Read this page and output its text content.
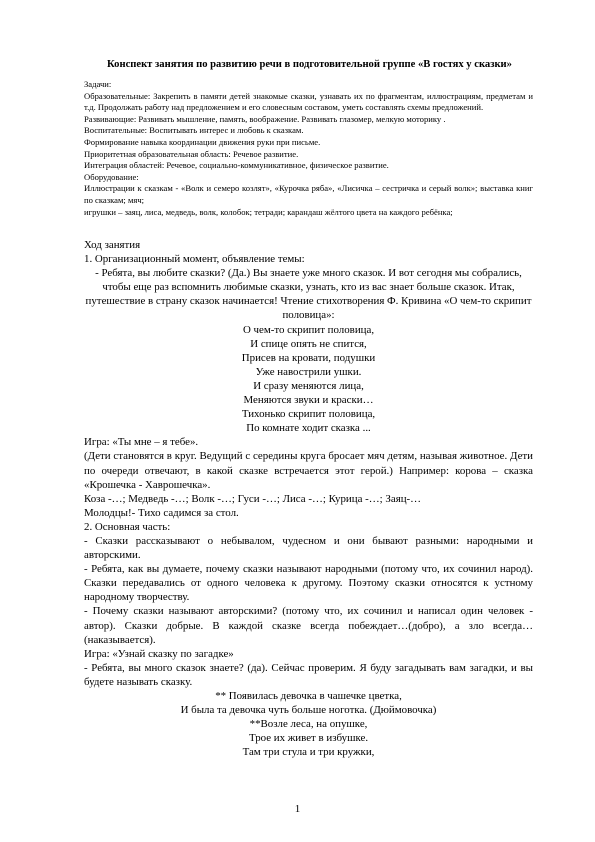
Конспект занятия по развитию речи в подготовительной группе «В гостях у сказки»

Задачи:

Образовательные: Закрепить в памяти детей знакомые сказки, узнавать их по фрагментам, иллюстрациям, предметам и т.д. Продолжать работу над предложением и его словесным составом, уметь составлять схемы предложений.

Развивающие: Развивать мышление, память, воображение. Развивать глазомер, мелкую моторику .

Воспитательные: Воспитывать интерес и любовь к сказкам.

Формирование навыка координации движения руки при письме.

Приоритетная образовательная область: Речевое развитие.

Интеграция областей: Речевое, социально-коммуникативное, физическое развитие.

Оборудование:

Иллюстрации к сказкам - «Волк и семеро козлят», «Курочка ряба», «Лисичка – сестричка и серый волк»; выставка книг по сказкам; мяч;

игрушки – заяц, лиса, медведь, волк, колобок; тетради; карандаш жёлтого цвета на каждого ребёнка;

Ход занятия

1. Организационный момент, объявление темы:

- Ребята, вы любите сказки? (Да.) Вы знаете уже много сказок. И вот сегодня мы собрались, чтобы еще раз вспомнить любимые сказки, узнать, кто из вас знает больше сказок. Итак, путешествие в страну сказок начинается! Чтение стихотворения Ф. Кривина «О чем-то скрипит половица»:

О чем-то скрипит половица,

И спице опять не спится,

Присев на кровати, подушки

Уже навострили ушки.

И сразу меняются лица,

Меняются звуки и краски…

Тихонько скрипит половица,

По комнате ходит сказка ...

Игра: «Ты мне – я тебе».

(Дети становятся в круг. Ведущий с середины круга бросает мяч детям, называя животное. Дети по очереди отвечают, в какой сказке встречается этот герой.) Например: корова – сказка «Крошечка - Хаврошечка».

Коза -…; Медведь -…; Волк -…; Гуси -…; Лиса -…; Курица -…; Заяц-…

Молодцы!- Тихо садимся за стол.

2. Основная часть:

- Сказки рассказывают о небывалом, чудесном и они бывают разными: народными и авторскими.

- Ребята, как вы думаете, почему сказки называют народными (потому что, их сочинил народ). Сказки передавались от одного человека к другому. Поэтому сказки относятся к устному народному творчеству.

- Почему сказки называют авторскими? (потому что, их сочинил и написал один человек - автор). Сказки добрые. В каждой сказке всегда побеждает…(добро), а зло всегда…(наказывается).

Игра: «Узнай сказку по загадке»

- Ребята, вы много сказок знаете? (да). Сейчас проверим. Я буду загадывать вам загадки, и вы будете называть сказку.

** Появилась девочка в чашечке цветка,

И была та девочка чуть больше ноготка. (Дюймовочка)

**Возле леса, на опушке,

Трое их живет в избушке.

Там три стула и три кружки,

1
